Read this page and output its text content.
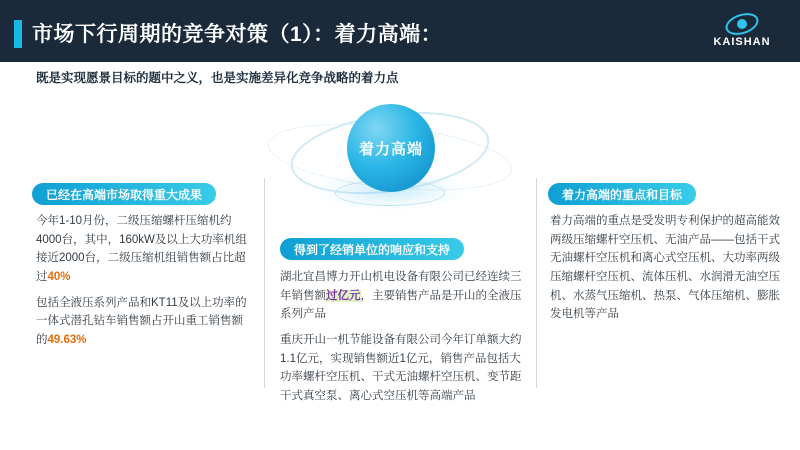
市场下行周期的竞争对策（1）：着力高端：	KAISHAN
既是实现愿景目标的题中之义，也是实施差异化竞争战略的着力点
着力高端
已经在高端市场取得重大成果
得到了经销单位的响应和支持
着力高端的重点和目标

今年1-10月份，二级压缩螺杆压缩机约4000台，其中，160kW及以上大功率机组接近2000台，二级压缩机组销售额占比超过40%

包括全液压系列产品和KT11及以上功率的一体式潜孔钻车销售额占开山重工销售额的49.63%

湖北宜昌博力开山机电设备有限公司已经连续三年销售额过亿元，主要销售产品是开山的全液压系列产品

重庆开山一机节能设备有限公司今年订单额大约1.1亿元，实现销售额近1亿元，销售产品包括大功率螺杆空压机、干式无油螺杆空压机、变节距干式真空泵、离心式空压机等高端产品

着力高端的重点是受发明专利保护的超高能效两级压缩螺杆空压机、无油产品——包括干式无油螺杆空压机和离心式空压机、大功率两级压缩螺杆空压机、流体压机、水润滑无油空压机、水蒸气压缩机、热泵、气体压缩机、膨胀发电机等产品
